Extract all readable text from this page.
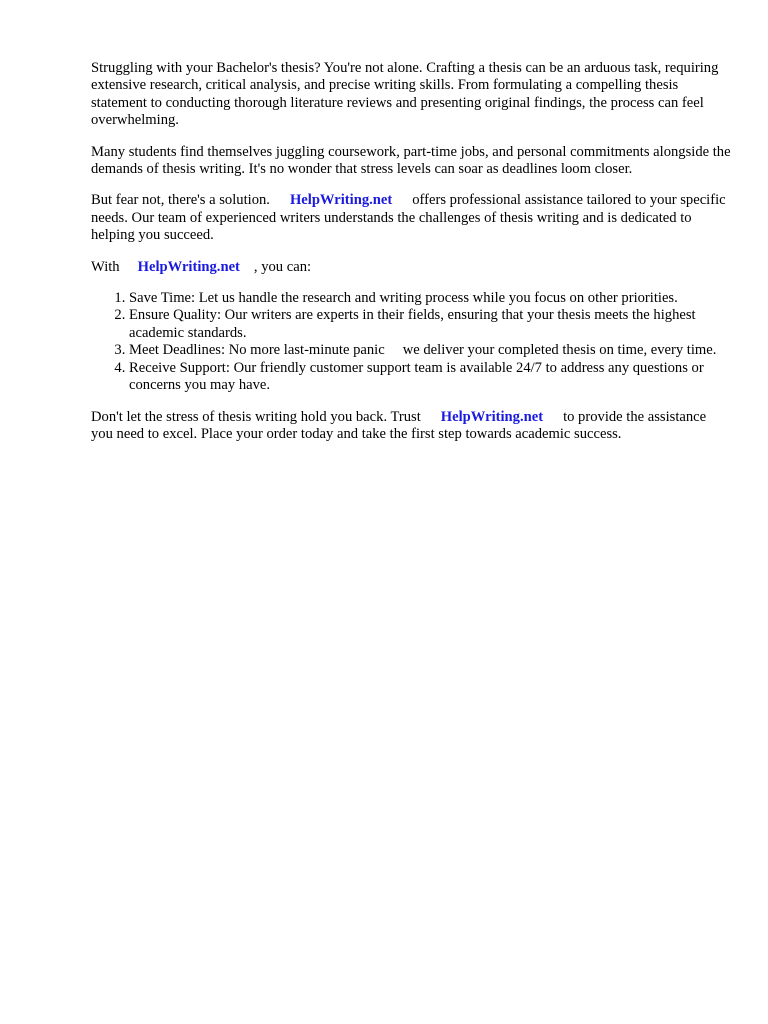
Struggling with your Bachelor's thesis? You're not alone. Crafting a thesis can be an arduous task, requiring extensive research, critical analysis, and precise writing skills. From formulating a compelling thesis statement to conducting thorough literature reviews and presenting original findings, the process can feel overwhelming.

Many students find themselves juggling coursework, part-time jobs, and personal commitments alongside the demands of thesis writing. It's no wonder that stress levels can soar as deadlines loom closer.

But fear not, there's a solution. HelpWriting.net offers professional assistance tailored to your specific needs. Our team of experienced writers understands the challenges of thesis writing and is dedicated to helping you succeed.

With HelpWriting.net , you can:

1. Save Time: Let us handle the research and writing process while you focus on other priorities.
2. Ensure Quality: Our writers are experts in their fields, ensuring that your thesis meets the highest academic standards.
3. Meet Deadlines: No more last-minute panic we deliver your completed thesis on time, every time.
4. Receive Support: Our friendly customer support team is available 24/7 to address any questions or concerns you may have.

Don't let the stress of thesis writing hold you back. Trust HelpWriting.net to provide the assistance you need to excel. Place your order today and take the first step towards academic success.
